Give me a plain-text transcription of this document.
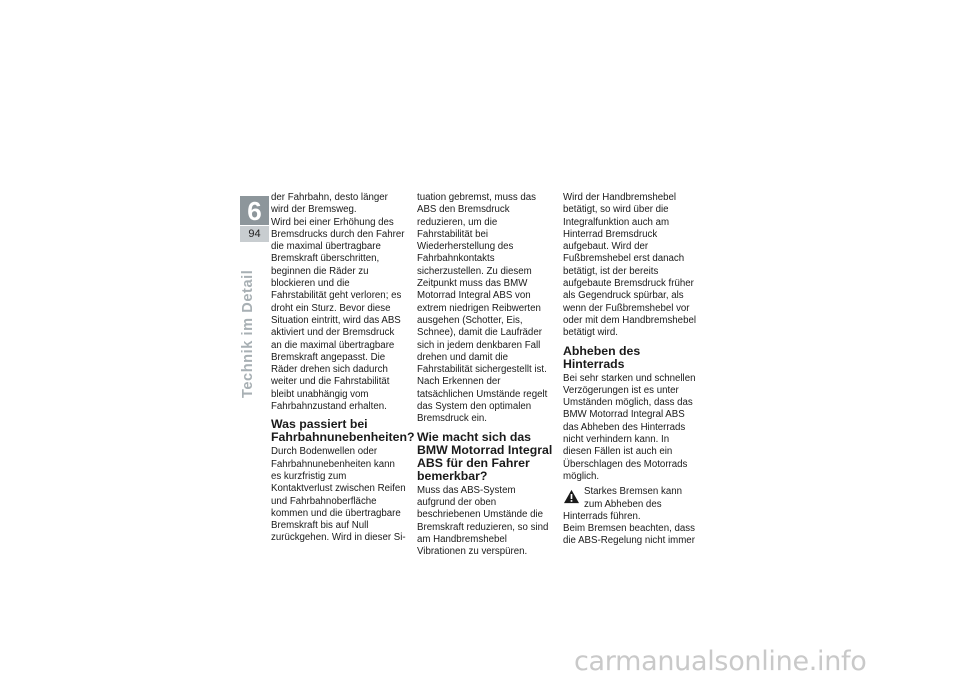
6
94
Technik im Detail

der Fahrbahn, desto länger wird der Bremsweg.

Wird bei einer Erhöhung des Bremsdrucks durch den Fahrer die maximal übertragbare Bremskraft überschritten, beginnen die Räder zu blockieren und die Fahrstabilität geht verloren; es droht ein Sturz. Bevor diese Situation eintritt, wird das ABS aktiviert und der Bremsdruck an die maximal übertragbare Bremskraft angepasst. Die Räder drehen sich dadurch weiter und die Fahrstabilität bleibt unabhängig vom Fahrbahnzustand erhalten.

Was passiert bei Fahrbahnunebenheiten?

Durch Bodenwellen oder Fahrbahnunebenheiten kann es kurzfristig zum Kontaktverlust zwischen Reifen und Fahrbahnoberfläche kommen und die übertragbare Bremskraft bis auf Null zurückgehen. Wird in dieser Si-

tuation gebremst, muss das ABS den Bremsdruck reduzieren, um die Fahrstabilität bei Wiederherstellung des Fahrbahnkontakts sicherzustellen. Zu diesem Zeitpunkt muss das BMW Motorrad Integral ABS von extrem niedrigen Reibwerten ausgehen (Schotter, Eis, Schnee), damit die Laufräder sich in jedem denkbaren Fall drehen und damit die Fahrstabilität sichergestellt ist. Nach Erkennen der tatsächlichen Umstände regelt das System den optimalen Bremsdruck ein.

Wie macht sich das BMW Motorrad Integral ABS für den Fahrer bemerkbar?

Muss das ABS-System aufgrund der oben beschriebenen Umstände die Bremskraft reduzieren, so sind am Handbremshebel Vibrationen zu verspüren.

Wird der Handbremshebel betätigt, so wird über die Integralfunktion auch am Hinterrad Bremsdruck aufgebaut. Wird der Fußbremshebel erst danach betätigt, ist der bereits aufgebaute Bremsdruck früher als Gegendruck spürbar, als wenn der Fußbremshebel vor oder mit dem Handbremshebel betätigt wird.

Abheben des Hinterrads

Bei sehr starken und schnellen Verzögerungen ist es unter Umständen möglich, dass das BMW Motorrad Integral ABS das Abheben des Hinterrads nicht verhindern kann. In diesen Fällen ist auch ein Überschlagen des Motorrads möglich.

Starkes Bremsen kann zum Abheben des Hinterrads führen.

Beim Bremsen beachten, dass die ABS-Regelung nicht immer

carmanualsonline.info
